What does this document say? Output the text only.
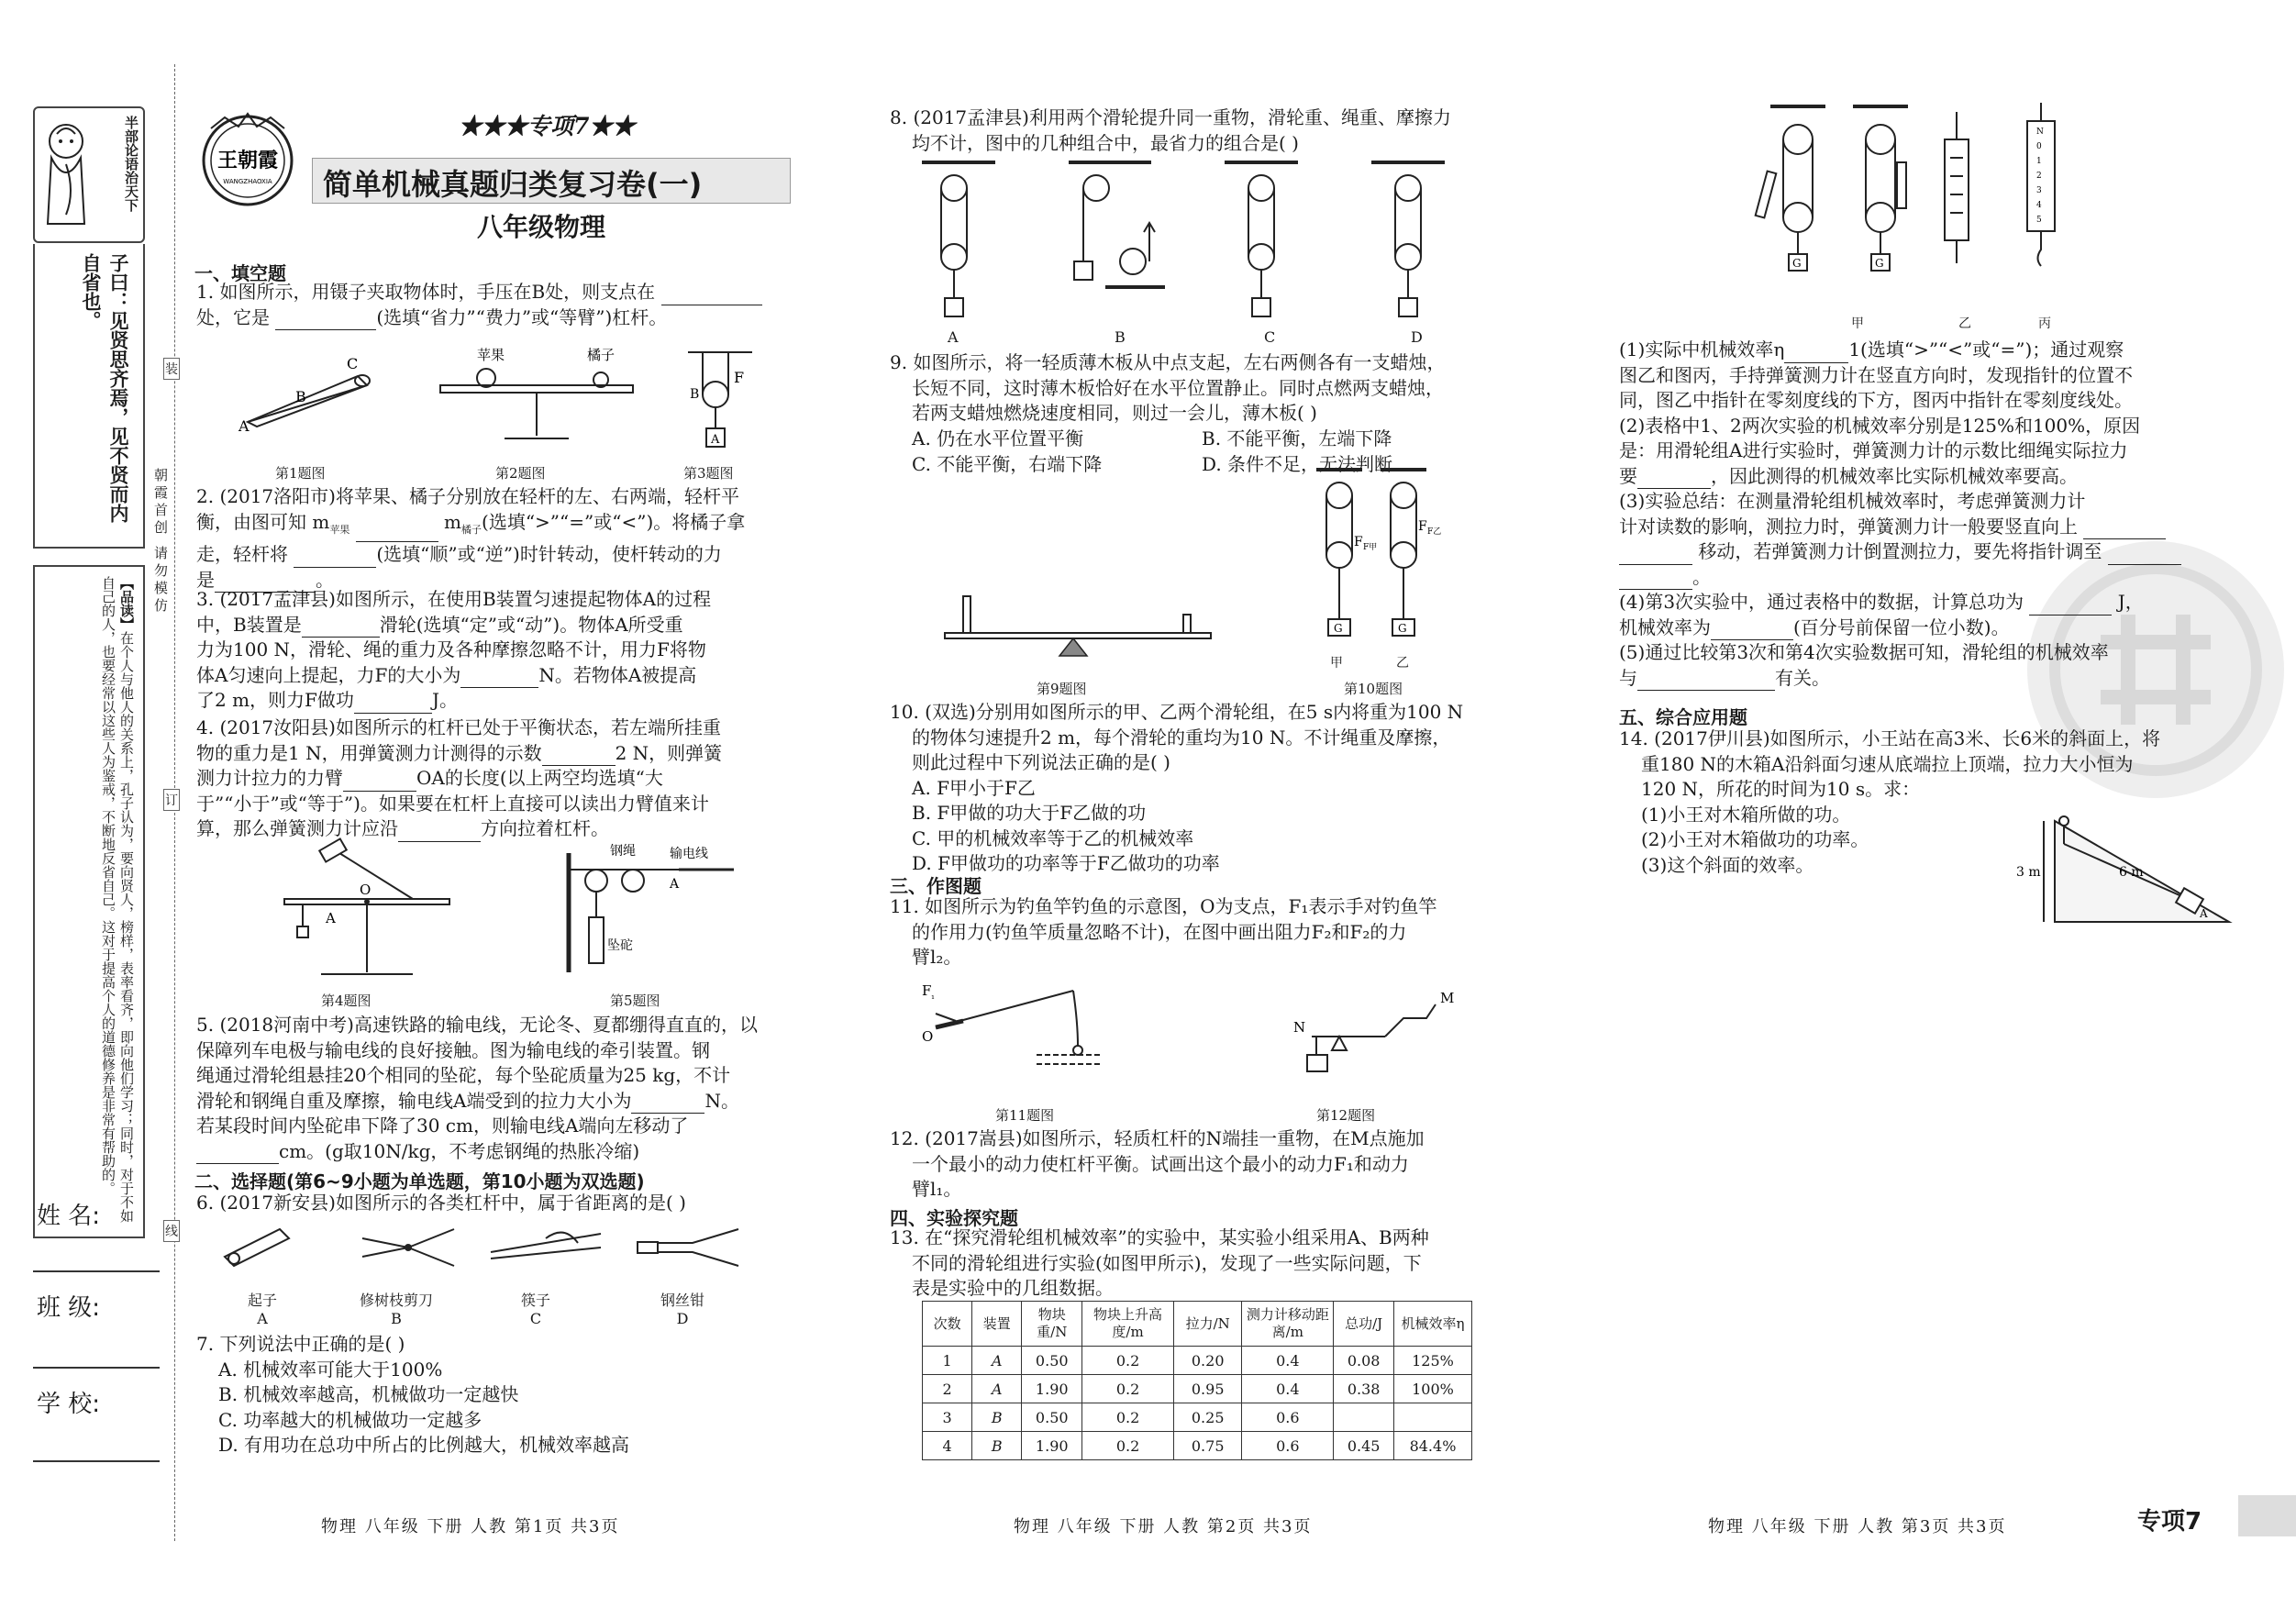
半部论语治天下
子曰：见贤思齐焉，见不贤而内自省也。
【品读】在个人与他人的关系上，孔子认为，要向贤人，榜样，表率看齐，即向他们学习；同时，对于不如自己的人，也要经常以这些人为鉴戒，不断地反省自己。这对于提高个人的道德修养是非常有帮助的。
朝霞首创 请勿模仿
装
订
线
姓 名:
班 级:
学 校:
王朝霞
WANGZHAOXIA
★★★专项7★★
简单机械真题归类复习卷(一)
八年级物理
一、填空题
1. 如图所示，用镊子夹取物体时，手压在B处，则支点在
处，它是	(选填“省力”“费力”或“等臂”)杠杆。
A
B
C	苹果	橘子
F
A
B
第1题图	第2题图	第3题图
2. (2017洛阳市)将苹果、橘子分别放在轻杆的左、右两端，轻杆平
衡，由图可知 $m_{苹果}$	$m_{橘子}$(选填“>”“=”或“<”)。将橘子拿
走，轻杆将	(选填“顺”或“逆”)时针转动，使杆转动的力
是	。
3. (2017孟津县)如图所示，在使用B装置匀速提起物体A的过程
中，B装置是	滑轮(选填“定”或“动”)。物体A所受重
力为100 N，滑轮、绳的重力及各种摩擦忽略不计，用力F将物
体A匀速向上提起，力F的大小为	N。若物体A被提高
了2 m，则力F做功	J。
4. (2017汝阳县)如图所示的杠杆已处于平衡状态，若左端所挂重
物的重力是1 N，用弹簧测力计测得的示数	2 N，则弹簧
测力计拉力的力臂	OA的长度(以上两空均选填“大
于”“小于”或“等于”)。如果要在杠杆上直接可以读出力臂值来计
算，那么弹簧测力计应沿	方向拉着杠杆。
O
A
钢绳	输电线
A
坠砣
第4题图	第5题图
5. (2018河南中考)高速铁路的输电线，无论冬、夏都绷得直直的，以
保障列车电极与输电线的良好接触。图为输电线的牵引装置。钢
绳通过滑轮组悬挂20个相同的坠砣，每个坠砣质量为25 kg，不计
滑轮和钢绳自重及摩擦，输电线A端受到的拉力大小为	N。
若某段时间内坠砣串下降了30 cm，则输电线A端向左移动了
cm。(g取10N/kg，不考虑钢绳的热胀冷缩)
二、选择题(第6~9小题为单选题，第10小题为双选题)
6. (2017新安县)如图所示的各类杠杆中，属于省距离的是( )
起子
A
修树枝剪刀
B
筷子
C
钢丝钳
D
7. 下列说法中正确的是( )
A. 机械效率可能大于100%
B. 机械效率越高，机械做功一定越快
C. 功率越大的机械做功一定越多
D. 有用功在总功中所占的比例越大，机械效率越高
物理 八年级 下册 人教 第1页 共3页
8. (2017孟津县)利用两个滑轮提升同一重物，滑轮重、绳重、摩擦力
均不计，图中的几种组合中，最省力的组合是( )
A	B	C	D
9. 如图所示，将一轻质薄木板从中点支起，左右两侧各有一支蜡烛，
长短不同，这时薄木板恰好在水平位置静止。同时点燃两支蜡烛，
若两支蜡烛燃烧速度相同，则过一会儿，薄木板( )
A. 仍在水平位置平衡	B. 不能平衡，左端下降
C. 不能平衡，右端下降	D. 条件不足，无法判断
F F甲
F F乙
G	G
第9题图	第10题图
甲	乙
10. (双选)分别用如图所示的甲、乙两个滑轮组，在5 s内将重为100 N
的物体匀速提升2 m，每个滑轮的重均为10 N。不计绳重及摩擦，
则此过程中下列说法正确的是( )
A. F甲小于F乙
B. F甲做的功大于F乙做的功
C. 甲的机械效率等于乙的机械效率
D. F甲做功的功率等于F乙做功的功率
三、作图题
11. 如图所示为钓鱼竿钓鱼的示意图，O为支点，F₁表示手对钓鱼竿
的作用力(钓鱼竿质量忽略不计)，在图中画出阻力F₂和F₂的力
臂l₂。
F ₁
O
N
M
第11题图	第12题图
12. (2017嵩县)如图所示，轻质杠杆的N端挂一重物，在M点施加
一个最小的动力使杠杆平衡。试画出这个最小的动力F₁和动力
臂l₁。
四、实验探究题
13. 在“探究滑轮组机械效率”的实验中，某实验小组采用A、B两种
不同的滑轮组进行实验(如图甲所示)，发现了一些实际问题，下
表是实验中的几组数据。
次数	装置	物块重/N	物块上升高度/m	拉力/N	测力计移动距离/m	总功/J	机械效率η
1	A	0.50	0.2	0.20	0.4	0.08	125%
2	A	1.90	0.2	0.95	0.4	0.38	100%
3	B	0.50	0.2	0.25	0.6		
4	B	1.90	0.2	0.75	0.6	0.45	84.4%
物理 八年级 下册 人教 第2页 共3页
G	G
N
0
1
2
3
4
5
甲	乙	丙
(1)实际中机械效率η	1(选填“>”“<”或“=”)；通过观察
图乙和图丙，手持弹簧测力计在竖直方向时，发现指针的位置不
同，图乙中指针在零刻度线的下方，图丙中指针在零刻度线处。
(2)表格中1、2两次实验的机械效率分别是125%和100%，原因
是：用滑轮组A进行实验时，弹簧测力计的示数比细绳实际拉力
要	，因此测得的机械效率比实际机械效率要高。
(3)实验总结：在测量滑轮组机械效率时，考虑弹簧测力计
计对读数的影响，测拉力时，弹簧测力计一般要竖直向上
移动，若弹簧测力计倒置测拉力，要先将指针调至
。
(4)第3次实验中，通过表格中的数据，计算总功为	J，
机械效率为	(百分号前保留一位小数)。
(5)通过比较第3次和第4次实验数据可知，滑轮组的机械效率
与	有关。
五、综合应用题
14. (2017伊川县)如图所示，小王站在高3米、长6米的斜面上，将
重180 N的木箱A沿斜面匀速从底端拉上顶端，拉力大小恒为
120 N，所花的时间为10 s。求：
(1)小王对木箱所做的功。
(2)小王对木箱做功的功率。
(3)这个斜面的效率。	3 m	6 m
A
物理 八年级 下册 人教 第3页 共3页	专项7
